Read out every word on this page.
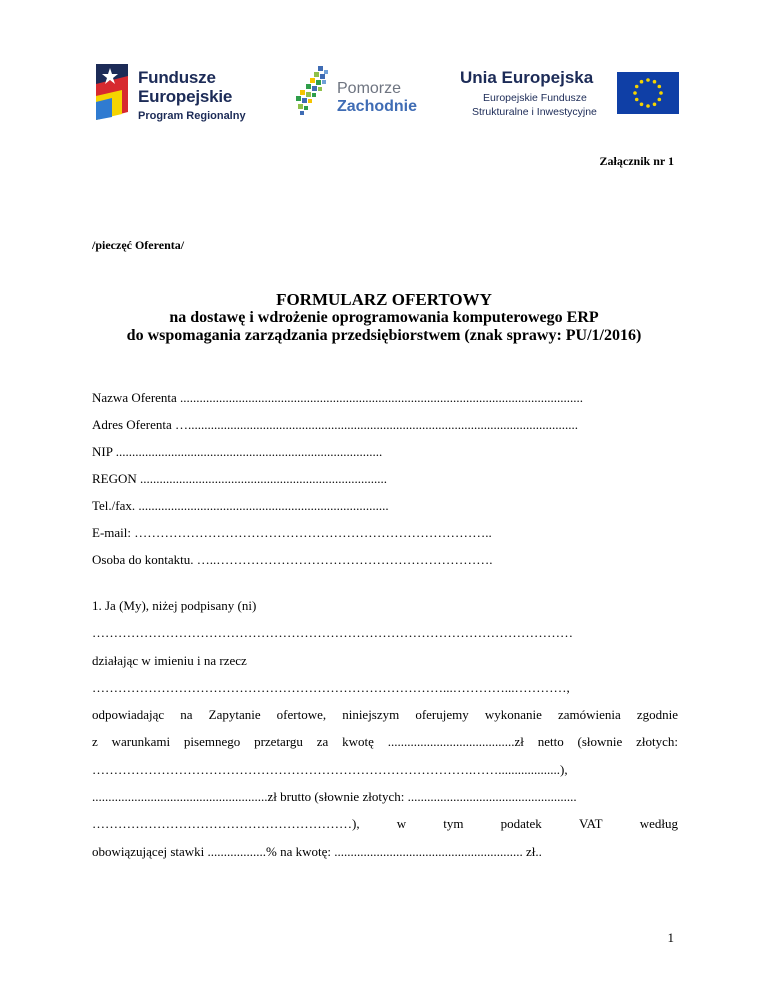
Fundusze
Europejskie
Program Regionalny
Pomorze
Zachodnie
Unia Europejska
Europejskie Fundusze
Strukturalne i Inwestycyjne
Załącznik nr 1
/pieczęć Oferenta/
FORMULARZ OFERTOWY
na dostawę i wdrożenie oprogramowania komputerowego ERP
do wspomagania zarządzania przedsiębiorstwem (znak sprawy: PU/1/2016)
Nazwa Oferenta ............................................................................................................................
Adres Oferenta …........................................................................................................................
NIP ..................................................................................
REGON ............................................................................
Tel./fax. .............................................................................
E-mail: ………………………………………………………………………..
Osoba do kontaktu. …..……………………………………………………….
1. Ja (My), niżej podpisany (ni)
…………………………………………………………………………………………………
działając w imieniu i na rzecz
………………………………………………………………………...…………...…………,
odpowiadając na Zapytanie ofertowe, niniejszym oferujemy wykonanie zamówienia zgodnie
z warunkami pisemnego przetargu za kwotę .......................................zł netto (słownie złotych:
…………………………………………………………………………….……...................),
......................................................zł brutto (słownie złotych: ....................................................
……………………………………………………),	w	tym	podatek	VAT	według
obowiązującej stawki ..................% na kwotę: .......................................................... zł..
1
